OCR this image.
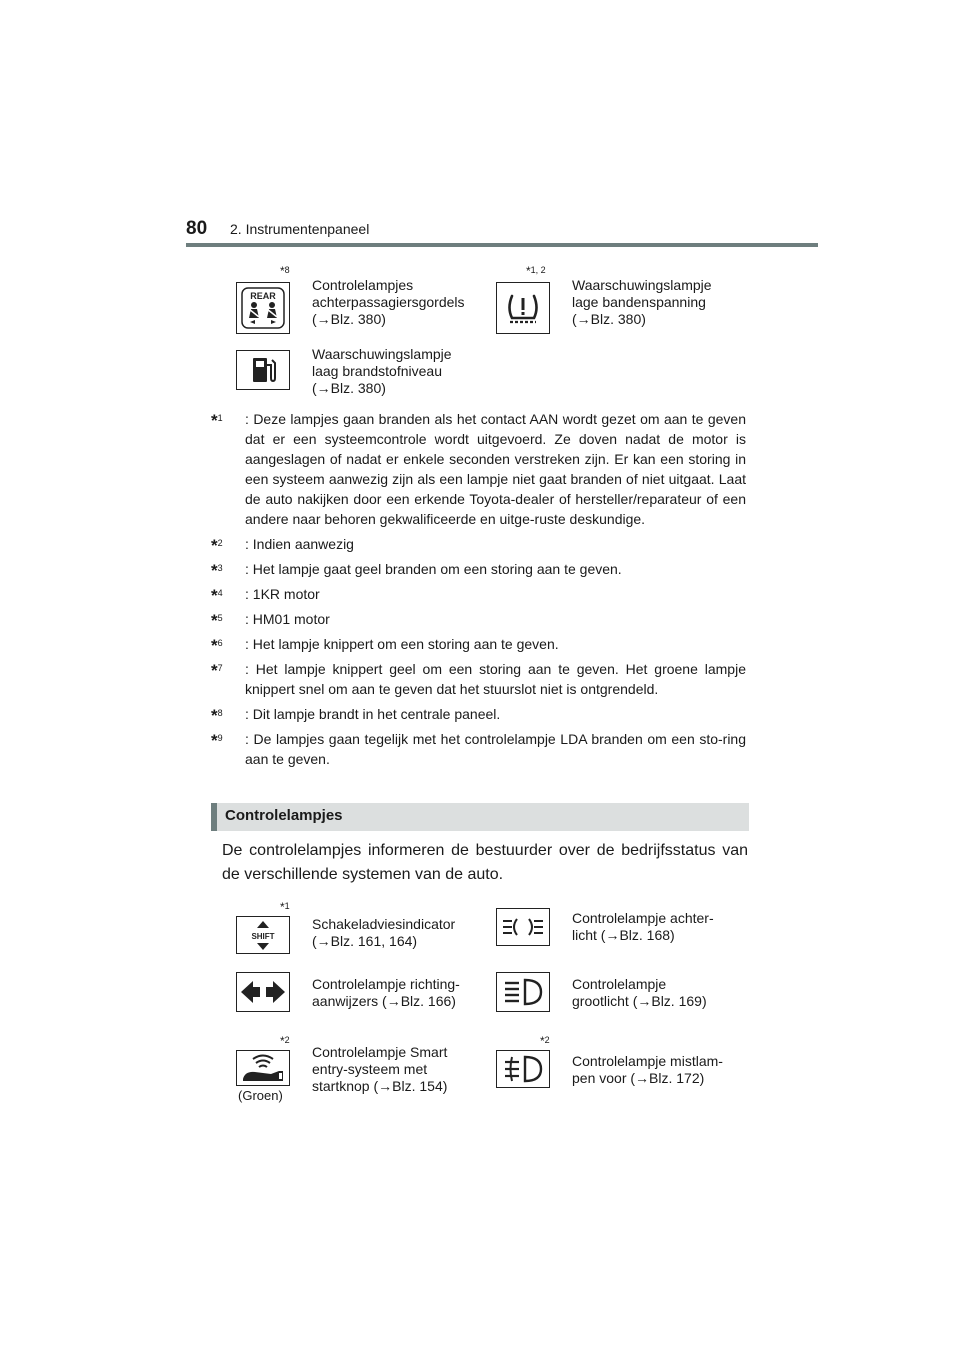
80 2. Instrumentenpaneel
*$^8$
REAR
Controlelampjes
achterpassagiersgordels
(→Blz. 380)
*$^{1, 2}$
Waarschuwingslampje
lage bandenspanning
(→Blz. 380)
Waarschuwingslampje
laag brandstofniveau
(→Blz. 380)
*$^1$ : Deze lampjes gaan branden als het contact AAN wordt gezet om aan te geven dat er een systeemcontrole wordt uitgevoerd. Ze doven nadat de motor is aangeslagen of nadat er enkele seconden verstreken zijn. Er kan een storing in een systeem aanwezig zijn als een lampje niet gaat branden of niet uitgaat. Laat de auto nakijken door een erkende Toyota-dealer of hersteller/reparateur of een andere naar behoren gekwalificeerde en uitge-ruste deskundige.
*$^2$ : Indien aanwezig
*$^3$ : Het lampje gaat geel branden om een storing aan te geven.
*$^4$ : 1KR motor
*$^5$ : HM01 motor
*$^6$ : Het lampje knippert om een storing aan te geven.
*$^7$ : Het lampje knippert geel om een storing aan te geven. Het groene lampje knippert snel om aan te geven dat het stuurslot niet is ontgrendeld.
*$^8$ : Dit lampje brandt in het centrale paneel.
*$^9$ : De lampjes gaan tegelijk met het controlelampje LDA branden om een sto-ring aan te geven.
Controlelampjes
De controlelampjes informeren de bestuurder over de bedrijfsstatus van de verschillende systemen van de auto.
*$^1$
SHIFT
Schakeladviesindicator
(→Blz. 161, 164)
Controlelampje achter-
licht (→Blz. 168)
Controlelampje richting-
aanwijzers (→Blz. 166)
Controlelampje
grootlicht (→Blz. 169)
*$^2$
(Groen)
Controlelampje Smart
entry-systeem met
startknop (→Blz. 154)
*$^2$
Controlelampje mistlam-
pen voor (→Blz. 172)
